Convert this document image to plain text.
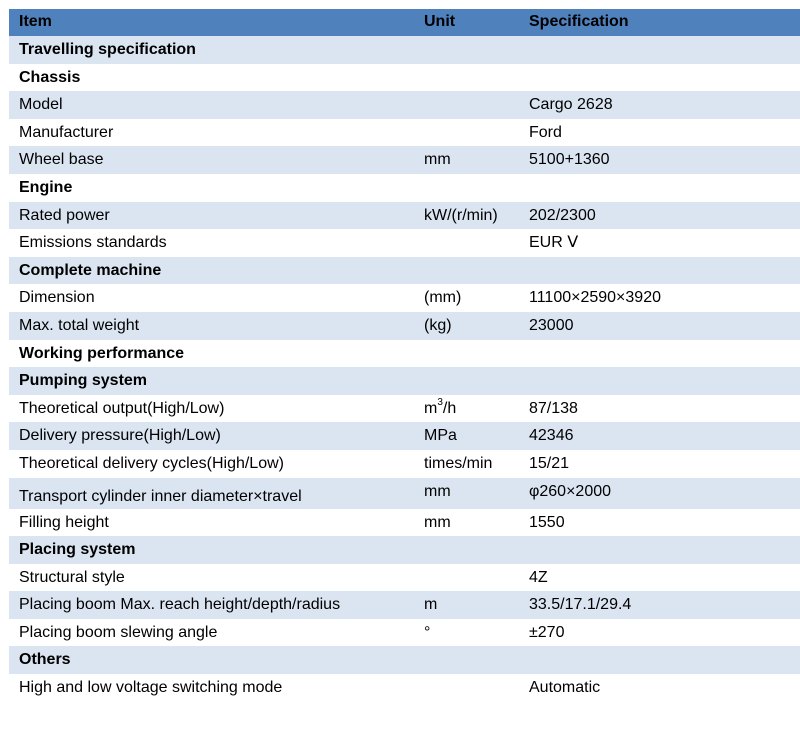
Item	Unit	Specification
Travelling specification		
Chassis		
Model		Cargo 2628
Manufacturer		Ford
Wheel base	mm	5100+1360
Engine		
Rated power	kW/(r/min)	202/2300
Emissions standards		EUR Ⅴ
Complete machine		
Dimension	(mm)	11100×2590×3920
Max. total weight	(kg)	23000
Working performance		
Pumping system		
Theoretical output(High/Low)	$m^3/h$	87/138
Delivery pressure(High/Low)	MPa	42346
Theoretical delivery cycles(High/Low)	times/min	15/21
Transport cylinder inner diameter×travel	mm	φ260×2000
Filling height	mm	1550
Placing system		
Structural style		4Z
Placing boom Max. reach height/depth/radius	m	33.5/17.1/29.4
Placing boom slewing angle	°	±270
Others		
High and low voltage switching mode		Automatic
